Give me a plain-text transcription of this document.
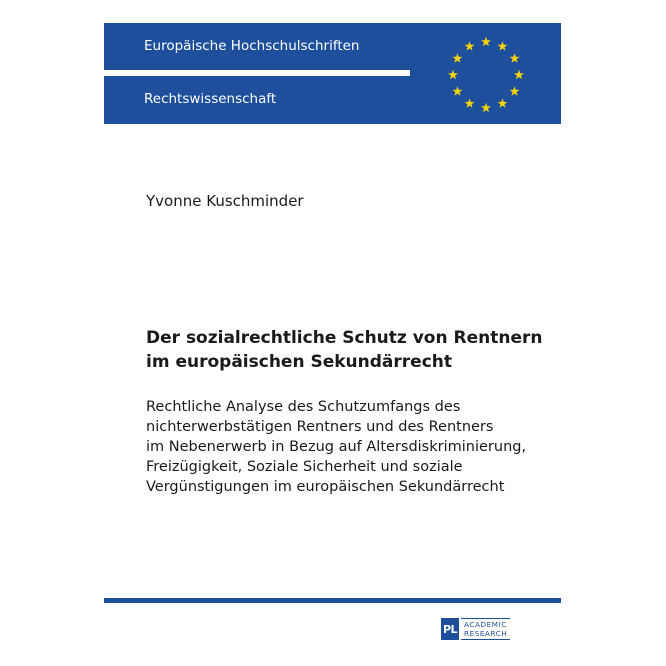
Europäische Hochschulschriften
Rechtswissenschaft
Yvonne Kuschminder
Der sozialrechtliche Schutz von Rentnern
im europäischen Sekundärrecht

Rechtliche Analyse des Schutzumfangs des
nichterwerbstätigen Rentners und des Rentners
im Nebenerwerb in Bezug auf Altersdiskriminierung,
Freizügigkeit, Soziale Sicherheit und soziale
Vergünstigungen im europäischen Sekundärrecht

PL ACADEMIC
RESEARCH
